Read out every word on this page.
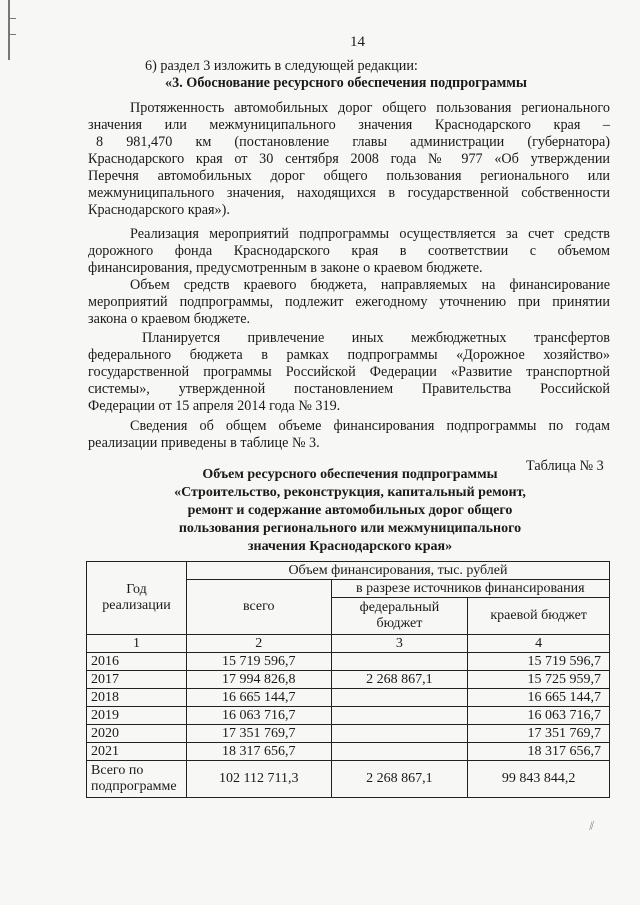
14
6) раздел 3 изложить в следующей редакции:
«3. Обоснование ресурсного обеспечения подпрограммы
Протяженность автомобильных дорог общего пользования регионального
значения или межмуниципального значения Краснодарского края –
8 981,470 км (постановление главы администрации (губернатора)
Краснодарского края от 30 сентября 2008 года № 977 «Об утверждении
Перечня автомобильных дорог общего пользования регионального или
межмуниципального значения, находящихся в государственной собственности
Краснодарского края»).
Реализация мероприятий подпрограммы осуществляется за счет средств
дорожного фонда Краснодарского края в соответствии с объемом
финансирования, предусмотренным в законе о краевом бюджете.
Объем средств краевого бюджета, направляемых на финансирование
мероприятий подпрограммы, подлежит ежегодному уточнению при принятии
закона о краевом бюджете.
Планируется привлечение иных межбюджетных трансфертов
федерального бюджета в рамках подпрограммы «Дорожное хозяйство»
государственной программы Российской Федерации «Развитие транспортной
системы», утвержденной постановлением Правительства Российской
Федерации от 15 апреля 2014 года № 319.
Сведения об общем объеме финансирования подпрограммы по годам
реализации приведены в таблице № 3.
Таблица № 3
Объем ресурсного обеспечения подпрограммы
«Строительство, реконструкция, капитальный ремонт,
ремонт и содержание автомобильных дорог общего
пользования регионального или межмуниципального
значения Краснодарского края»
Год реализации	Объем финансирования, тыс. рублей		
	всего	в разрезе источников финансирования	
		федеральный бюджет	краевой бюджет
1	2	3	4
2016	15 719 596,7		15 719 596,7
2017	17 994 826,8	2 268 867,1	15 725 959,7
2018	16 665 144,7		16 665 144,7
2019	16 063 716,7		16 063 716,7
2020	17 351 769,7		17 351 769,7
2021	18 317 656,7		18 317 656,7
Всего по подпрограмме	102 112 711,3	2 268 867,1	99 843 844,2
⁄⁄
